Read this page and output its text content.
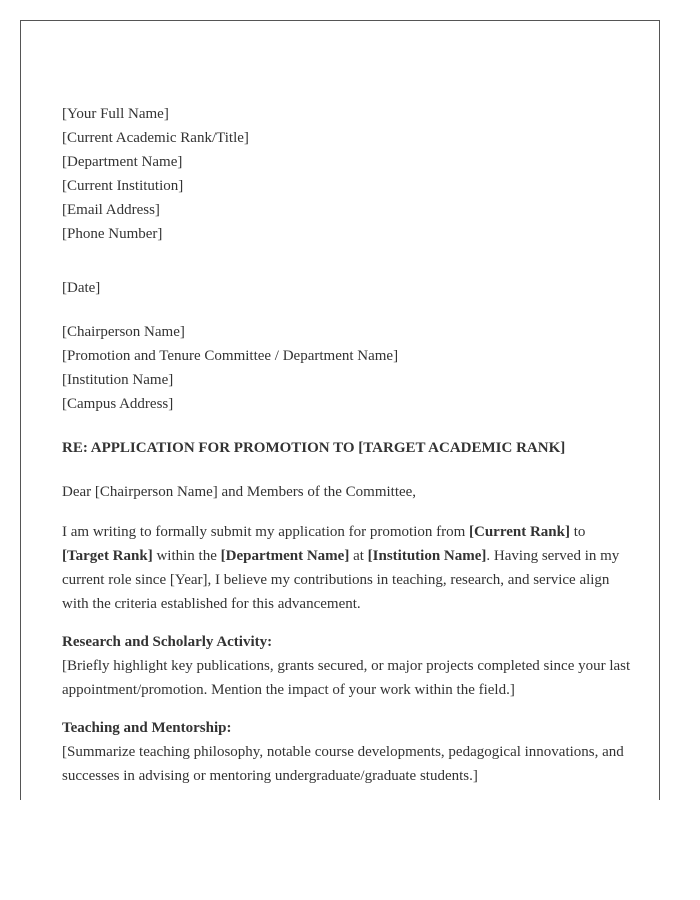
[Your Full Name]
[Current Academic Rank/Title]
[Department Name]
[Current Institution]
[Email Address]
[Phone Number]
[Date]
[Chairperson Name]
[Promotion and Tenure Committee / Department Name]
[Institution Name]
[Campus Address]
RE: APPLICATION FOR PROMOTION TO [TARGET ACADEMIC RANK]
Dear [Chairperson Name] and Members of the Committee,

I am writing to formally submit my application for promotion from [Current Rank] to [Target Rank] within the [Department Name] at [Institution Name]. Having served in my current role since [Year], I believe my contributions in teaching, research, and service align with the criteria established for this advancement.

Research and Scholarly Activity:
[Briefly highlight key publications, grants secured, or major projects completed since your last appointment/promotion. Mention the impact of your work within the field.]

Teaching and Mentorship:
[Summarize teaching philosophy, notable course developments, pedagogical innovations, and successes in advising or mentoring undergraduate/graduate students.]
